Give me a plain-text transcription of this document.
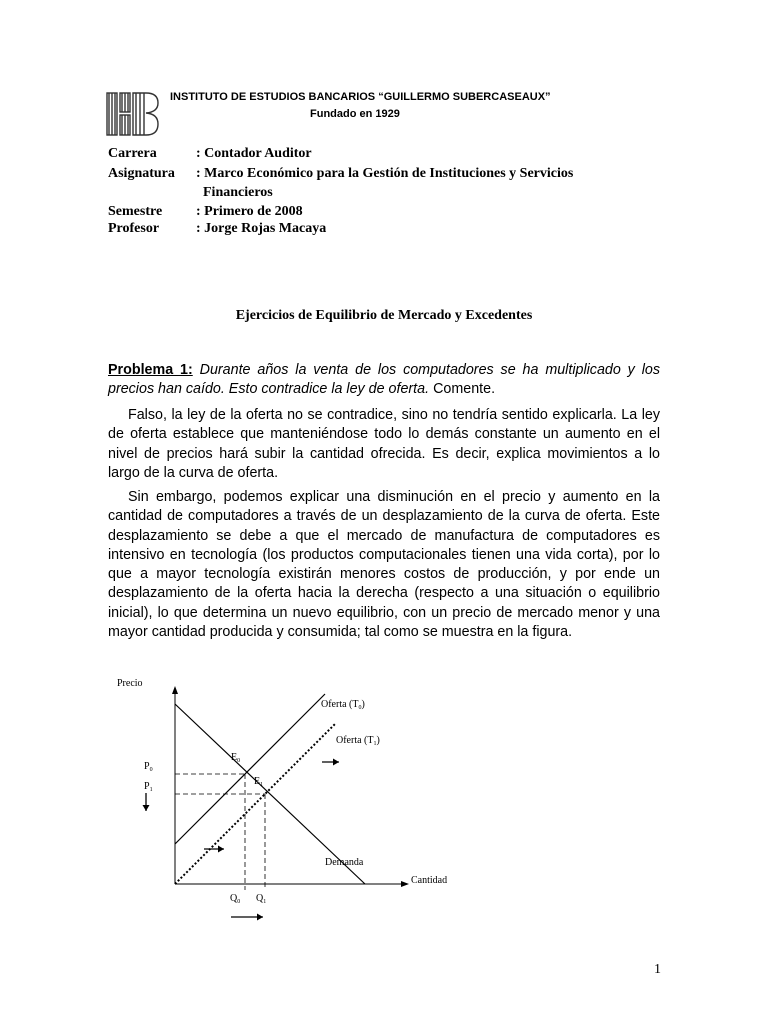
INSTITUTO DE ESTUDIOS BANCARIOS “GUILLERMO SUBERCASEAUX”
Fundado en 1929
Carrera	: Contador Auditor
Asignatura : Marco Económico para la Gestión de Instituciones y Servicios
Financieros
Semestre : Primero de 2008
Profesor	: Jorge Rojas Macaya
Ejercicios de Equilibrio de Mercado y Excedentes
Problema 1: Durante años la venta de los computadores se ha multiplicado y los precios han caído. Esto contradice la ley de oferta. Comente.
Falso, la ley de la oferta no se contradice, sino no tendría sentido explicarla. La ley de oferta establece que manteniéndose todo lo demás constante un aumento en el nivel de precios hará subir la cantidad ofrecida. Es decir, explica movimientos a lo largo de la curva de oferta.
Sin embargo, podemos explicar una disminución en el precio y aumento en la cantidad de computadores a través de un desplazamiento de la curva de oferta. Este desplazamiento se debe a que el mercado de manufactura de computadores es intensivo en tecnología (los productos computacionales tienen una vida corta), por lo que a mayor tecnología existirán menores costos de producción, y por ende un desplazamiento de la oferta hacia la derecha (respecto a una situación o equilibrio inicial), lo que determina un nuevo equilibrio, con un precio de mercado menor y una mayor cantidad producida y consumida; tal como se muestra en la figura.
Precio
Cantidad
Oferta $(T_0)$
Oferta $(T_1)$
Demanda
$E_0$
$E_1$
$P_0$
$P_1$
$Q_0$ $Q_1$
1
